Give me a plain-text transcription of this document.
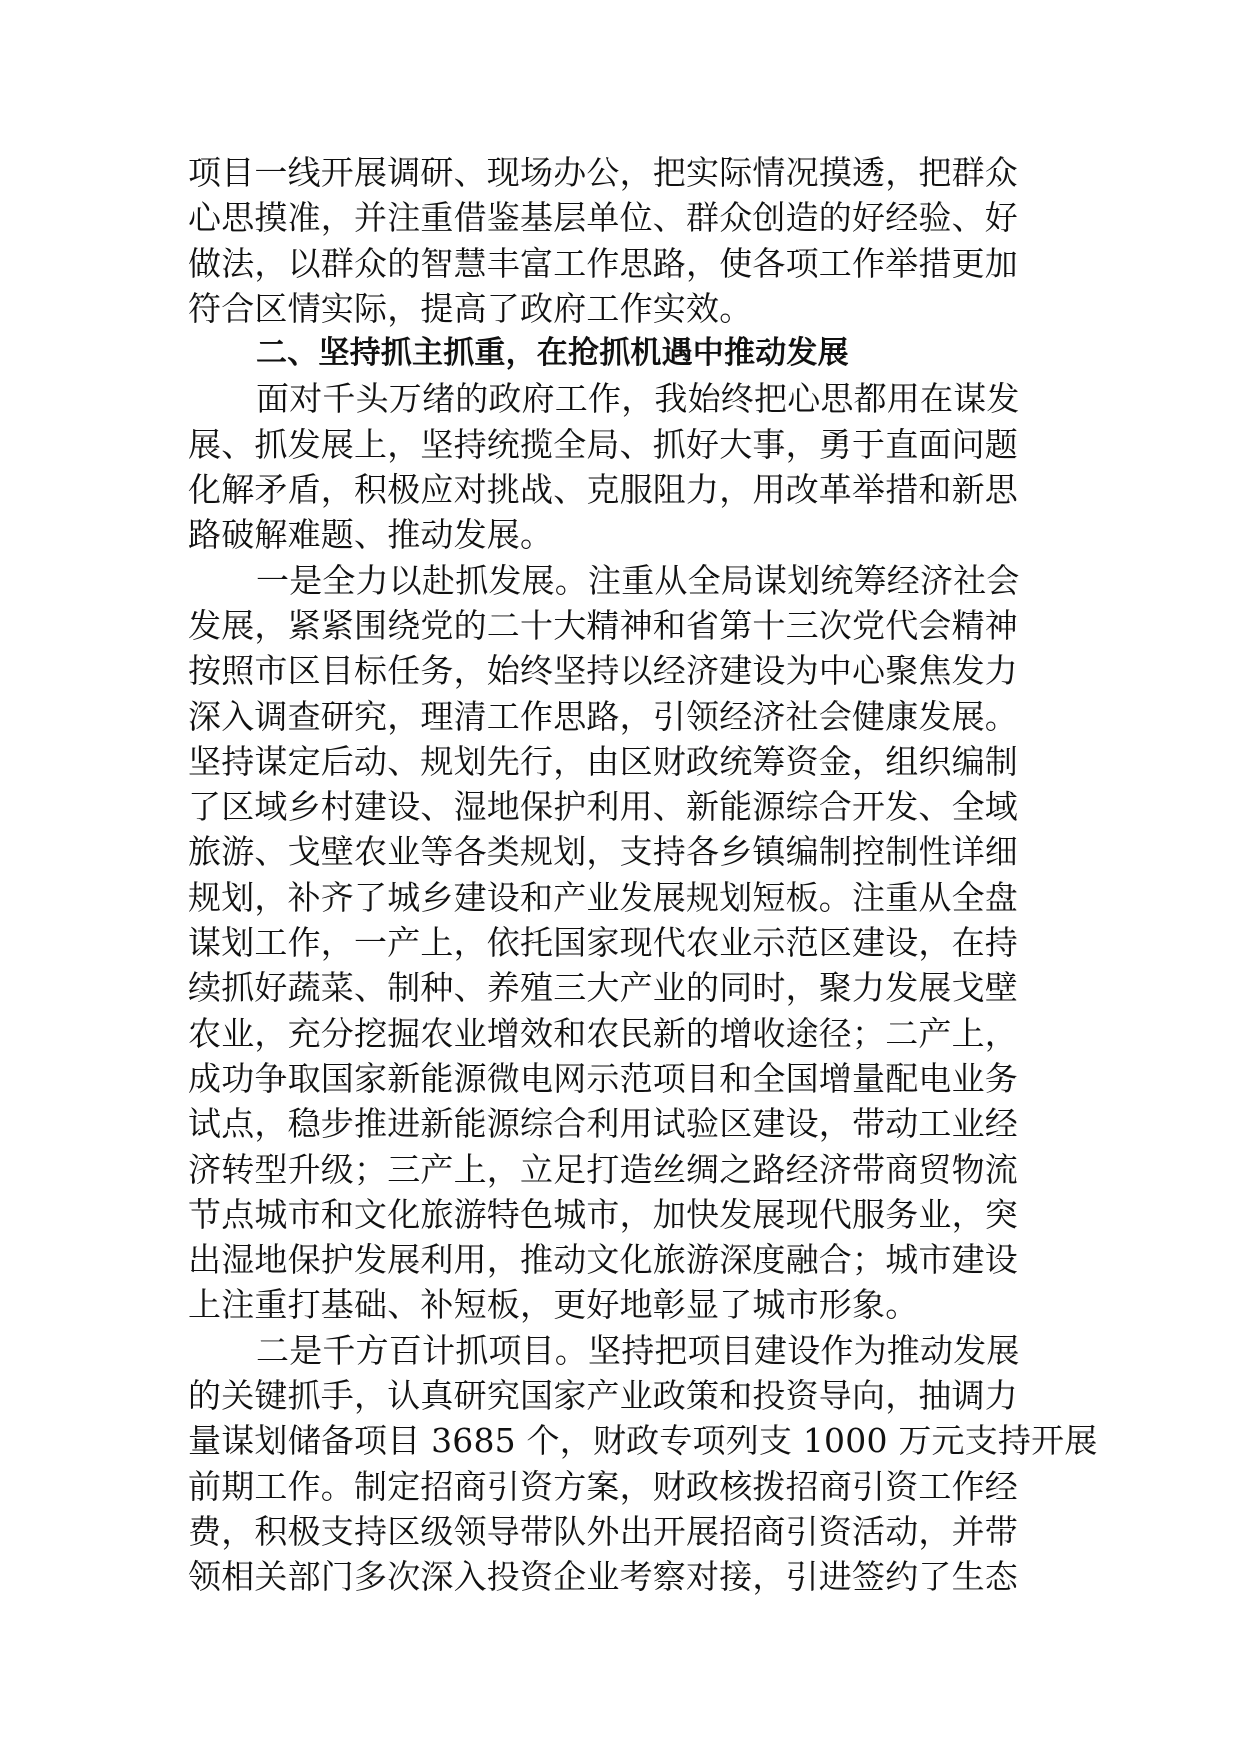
项目一线开展调研、现场办公，把实际情况摸透，把群众
心思摸准，并注重借鉴基层单位、群众创造的好经验、好
做法，以群众的智慧丰富工作思路，使各项工作举措更加
符合区情实际，提高了政府工作实效。
二、坚持抓主抓重，在抢抓机遇中推动发展
面对千头万绪的政府工作，我始终把心思都用在谋发
展、抓发展上，坚持统揽全局、抓好大事，勇于直面问题
化解矛盾，积极应对挑战、克服阻力，用改革举措和新思
路破解难题、推动发展。
一是全力以赴抓发展。注重从全局谋划统筹经济社会
发展，紧紧围绕党的二十大精神和省第十三次党代会精神
按照市区目标任务，始终坚持以经济建设为中心聚焦发力
深入调查研究，理清工作思路，引领经济社会健康发展。
坚持谋定后动、规划先行，由区财政统筹资金，组织编制
了区域乡村建设、湿地保护利用、新能源综合开发、全域
旅游、戈壁农业等各类规划，支持各乡镇编制控制性详细
规划，补齐了城乡建设和产业发展规划短板。注重从全盘
谋划工作，一产上，依托国家现代农业示范区建设，在持
续抓好蔬菜、制种、养殖三大产业的同时，聚力发展戈壁
农业，充分挖掘农业增效和农民新的增收途径；二产上，
成功争取国家新能源微电网示范项目和全国增量配电业务
试点，稳步推进新能源综合利用试验区建设，带动工业经
济转型升级；三产上，立足打造丝绸之路经济带商贸物流
节点城市和文化旅游特色城市，加快发展现代服务业，突
出湿地保护发展利用，推动文化旅游深度融合；城市建设
上注重打基础、补短板，更好地彰显了城市形象。
二是千方百计抓项目。坚持把项目建设作为推动发展
的关键抓手，认真研究国家产业政策和投资导向，抽调力
量谋划储备项目 3685 个，财政专项列支 1000 万元支持开展
前期工作。制定招商引资方案，财政核拨招商引资工作经
费，积极支持区级领导带队外出开展招商引资活动，并带
领相关部门多次深入投资企业考察对接，引进签约了生态
